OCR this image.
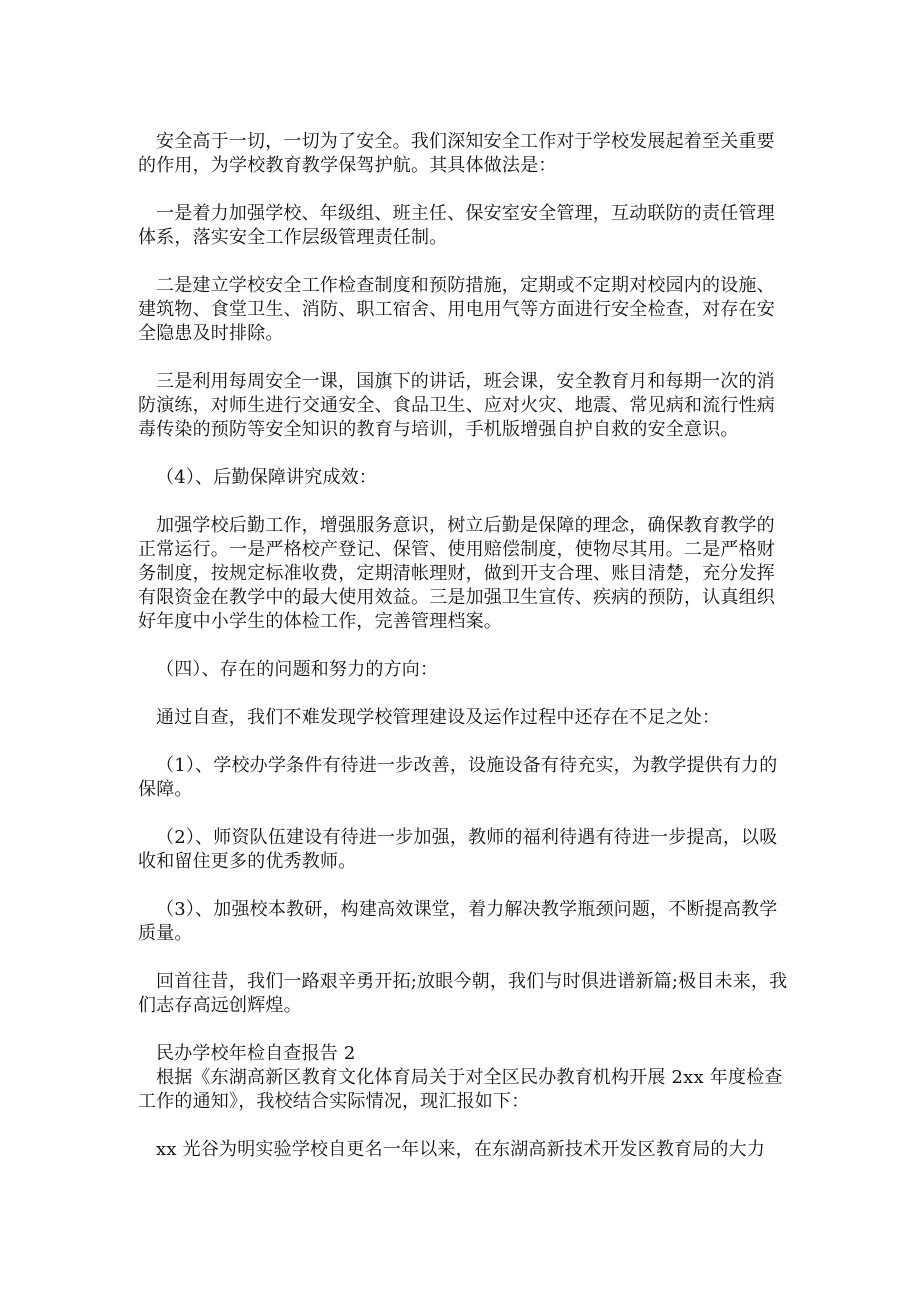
安全高于一切，一切为了安全。我们深知安全工作对于学校发展起着至关重要的作用，为学校教育教学保驾护航。其具体做法是：

一是着力加强学校、年级组、班主任、保安室安全管理，互动联防的责任管理体系，落实安全工作层级管理责任制。

二是建立学校安全工作检查制度和预防措施，定期或不定期对校园内的设施、建筑物、食堂卫生、消防、职工宿舍、用电用气等方面进行安全检查，对存在安全隐患及时排除。

三是利用每周安全一课，国旗下的讲话，班会课，安全教育月和每期一次的消防演练，对师生进行交通安全、食品卫生、应对火灾、地震、常见病和流行性病毒传染的预防等安全知识的教育与培训，手机版增强自护自救的安全意识。

（4）、后勤保障讲究成效：

加强学校后勤工作，增强服务意识，树立后勤是保障的理念，确保教育教学的正常运行。一是严格校产登记、保管、使用赔偿制度，使物尽其用。二是严格财务制度，按规定标准收费，定期清帐理财，做到开支合理、账目清楚，充分发挥有限资金在教学中的最大使用效益。三是加强卫生宣传、疾病的预防，认真组织好年度中小学生的体检工作，完善管理档案。

（四）、存在的问题和努力的方向：

通过自查，我们不难发现学校管理建设及运作过程中还存在不足之处：

（1）、学校办学条件有待进一步改善，设施设备有待充实，为教学提供有力的保障。

（2）、师资队伍建设有待进一步加强，教师的福利待遇有待进一步提高，以吸收和留住更多的优秀教师。

（3）、加强校本教研，构建高效课堂，着力解决教学瓶颈问题，不断提高教学质量。

回首往昔，我们一路艰辛勇开拓;放眼今朝，我们与时俱进谱新篇;极目未来，我们志存高远创辉煌。

民办学校年检自查报告 2

根据《东湖高新区教育文化体育局关于对全区民办教育机构开展 2xx 年度检查工作的通知》，我校结合实际情况，现汇报如下：

xx 光谷为明实验学校自更名一年以来，在东湖高新技术开发区教育局的大力
